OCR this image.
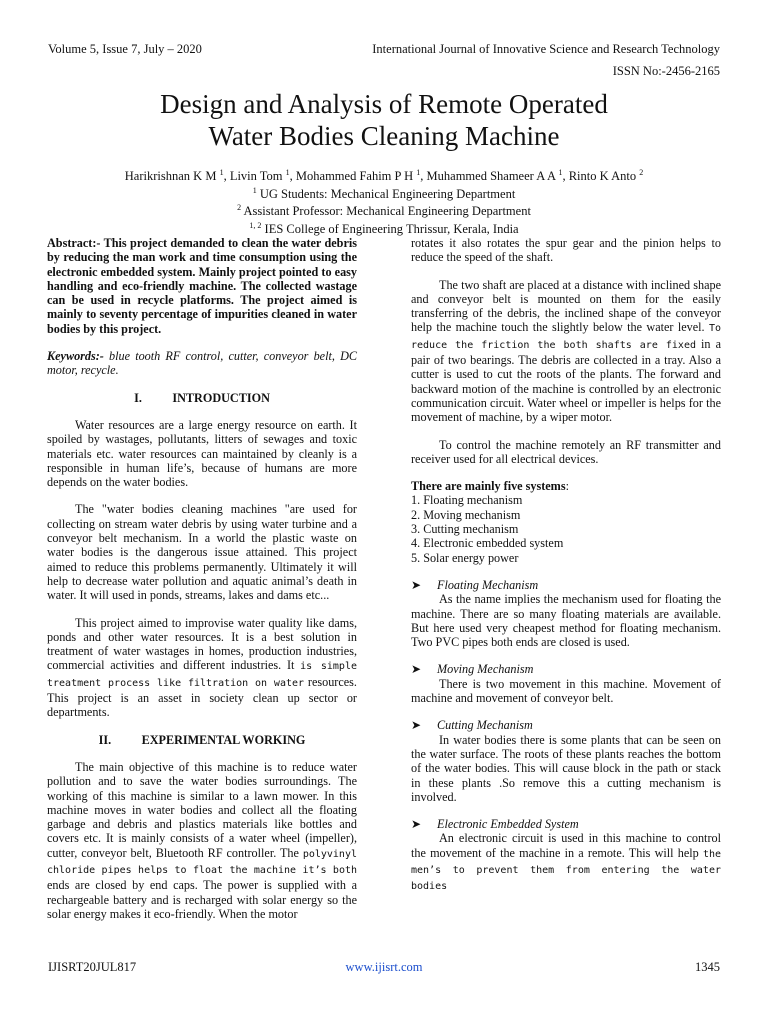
Volume 5, Issue 7, July – 2020	International Journal of Innovative Science and Research Technology
ISSN No:-2456-2165
Design and Analysis of Remote Operated
Water Bodies Cleaning Machine
Harikrishnan K M $^1$, Livin Tom $^1$, Mohammed Fahim P H $^1$, Muhammed Shameer A A $^1$, Rinto K Anto $^2$
$^1$ UG Students: Mechanical Engineering Department
$^2$ Assistant Professor: Mechanical Engineering Department
$^{1, 2}$ IES College of Engineering Thrissur, Kerala, India

Abstract:- This project demanded to clean the water debris by reducing the man work and time consumption using the electronic embedded system. Mainly project pointed to easy handling and eco-friendly machine. The collected wastage can be used in recycle platforms. The project aimed is mainly to seventy percentage of impurities cleaned in water bodies by this project.

Keywords:- blue tooth RF control, cutter, conveyor belt, DC motor, recycle.

I.          INTRODUCTION

Water resources are a large energy resource on earth. It spoiled by wastages, pollutants, litters of sewages and toxic materials etc. water resources can maintained by cleanly is a responsible in human life’s, because of humans are more depends on the water bodies.

The "water bodies cleaning machines "are used for collecting on stream water debris by using water turbine and a conveyor belt mechanism. In a world the plastic waste on water bodies is the dangerous issue attained. This project aimed to reduce this problems permanently. Ultimately it will help to decrease water pollution and aquatic animal’s death in water. It will used in ponds, streams, lakes and dams etc...

This project aimed to improvise water quality like dams, ponds and other water resources. It is a best solution in treatment of water wastages in homes, production industries, commercial activities and different industries. It is simple treatment process like filtration on water resources. This project is an asset in society clean up sector or departments.

II.          EXPERIMENTAL WORKING

The main objective of this machine is to reduce water pollution and to save the water bodies surroundings. The working of this machine is similar to a lawn mower. In this machine moves in water bodies and collect all the floating garbage and debris and plastics materials like bottles and covers etc. It is mainly consists of a water wheel (impeller), cutter, conveyor belt, Bluetooth RF controller. The polyvinyl chloride pipes helps to float the machine it’s both ends are closed by end caps. The power is supplied with a rechargeable battery and is recharged with solar energy so the solar energy makes it eco-friendly. When the motor

rotates it also rotates the spur gear and the pinion helps to reduce the speed of the shaft.

The two shaft are placed at a distance with inclined shape and conveyor belt is mounted on them for the easily transferring of the debris, the inclined shape of the conveyor help the machine touch the slightly below the water level. To reduce the friction the both shafts are fixed in a pair of two bearings. The debris are collected in a tray. Also a cutter is used to cut the roots of the plants. The forward and backward motion of the machine is controlled by an electronic communication circuit. Water wheel or impeller is helps for the movement of machine, by a wiper motor.

To control the machine remotely an RF transmitter and receiver used for all electrical devices.

There are mainly five systems:
1. Floating mechanism
2. Moving mechanism
3. Cutting mechanism
4. Electronic embedded system
5. Solar energy power
➤ Floating Mechanism

As the name implies the mechanism used for floating the machine. There are so many floating materials are available. But here used very cheapest method for floating mechanism. Two PVC pipes both ends are closed is used.

➤ Moving Mechanism

There is two movement in this machine. Movement of machine and movement of conveyor belt.

➤ Cutting Mechanism

In water bodies there is some plants that can be seen on the water surface. The roots of these plants reaches the bottom of the water bodies. This will cause block in the path or stack in these plants .So remove this a cutting mechanism is involved.

➤ Electronic Embedded System

An electronic circuit is used in this machine to control the movement of the machine in a remote. This will help the men’s to prevent them from entering the water bodies

IJISRT20JUL817	www.ijisrt.com	1345
